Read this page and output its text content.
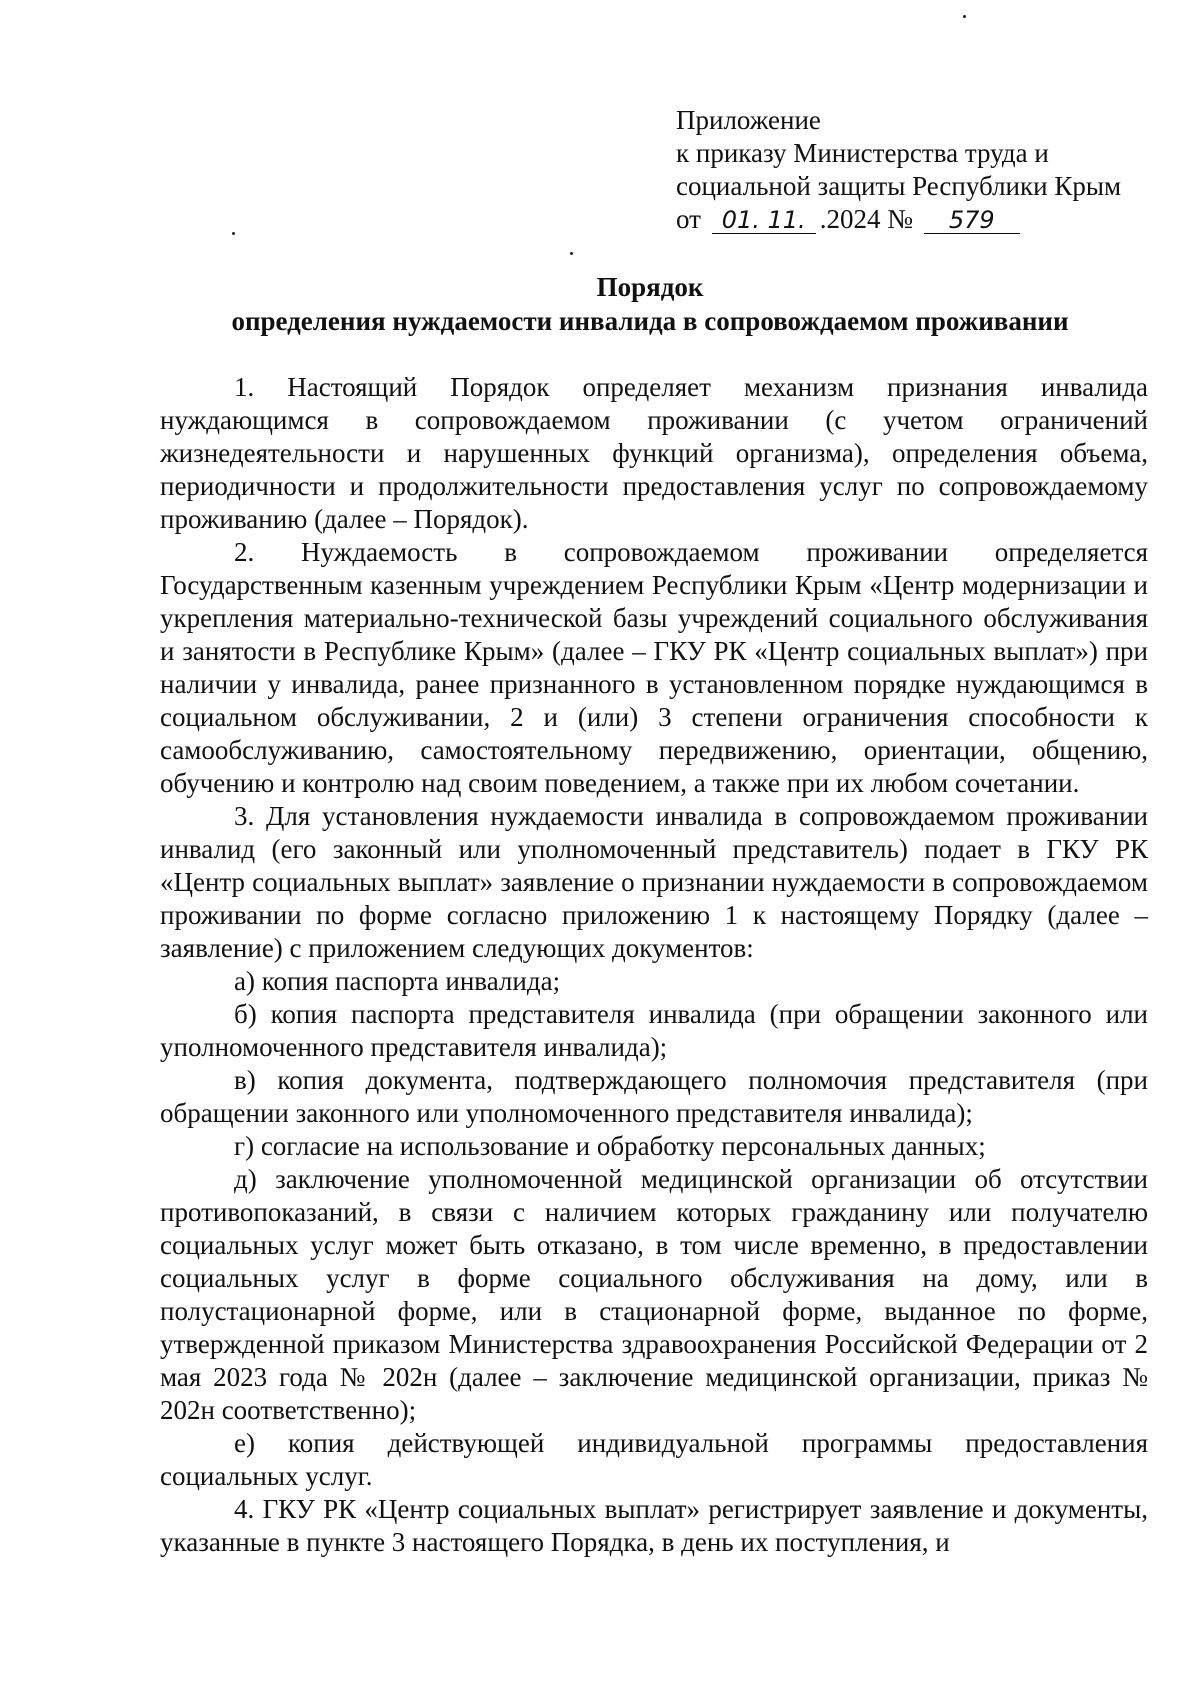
Приложение
к приказу Министерства труда и
социальной защиты Республики Крым
от 01. 11. .2024 № 579
Порядок
определения нуждаемости инвалида в сопровождаемом проживании

1. Настоящий Порядок определяет механизм признания инвалида нуждающимся в сопровождаемом проживании (с учетом ограничений жизнедеятельности и нарушенных функций организма), определения объема, периодичности и продолжительности предоставления услуг по сопровождаемому проживанию (далее – Порядок).

2. Нуждаемость в сопровождаемом проживании определяется Государственным казенным учреждением Республики Крым «Центр модернизации и укрепления материально-технической базы учреждений социального обслуживания и занятости в Республике Крым» (далее – ГКУ РК «Центр социальных выплат») при наличии у инвалида, ранее признанного в установленном порядке нуждающимся в социальном обслуживании, 2 и (или) 3 степени ограничения способности к самообслуживанию, самостоятельному передвижению, ориентации, общению, обучению и контролю над своим поведением, а также при их любом сочетании.

3. Для установления нуждаемости инвалида в сопровождаемом проживании инвалид (его законный или уполномоченный представитель) подает в ГКУ РК «Центр социальных выплат» заявление о признании нуждаемости в сопровождаемом проживании по форме согласно приложению 1 к настоящему Порядку (далее – заявление) с приложением следующих документов:

а) копия паспорта инвалида;

б) копия паспорта представителя инвалида (при обращении законного или уполномоченного представителя инвалида);

в) копия документа, подтверждающего полномочия представителя (при обращении законного или уполномоченного представителя инвалида);

г) согласие на использование и обработку персональных данных;

д) заключение уполномоченной медицинской организации об отсутствии противопоказаний, в связи с наличием которых гражданину или получателю социальных услуг может быть отказано, в том числе временно, в предоставлении социальных услуг в форме социального обслуживания на дому, или в полустационарной форме, или в стационарной форме, выданное по форме, утвержденной приказом Министерства здравоохранения Российской Федерации от 2 мая 2023 года № 202н (далее – заключение медицинской организации, приказ № 202н соответственно);

е) копия действующей индивидуальной программы предоставления социальных услуг.

4. ГКУ РК «Центр социальных выплат» регистрирует заявление и документы, указанные в пункте 3 настоящего Порядка, в день их поступления, и
